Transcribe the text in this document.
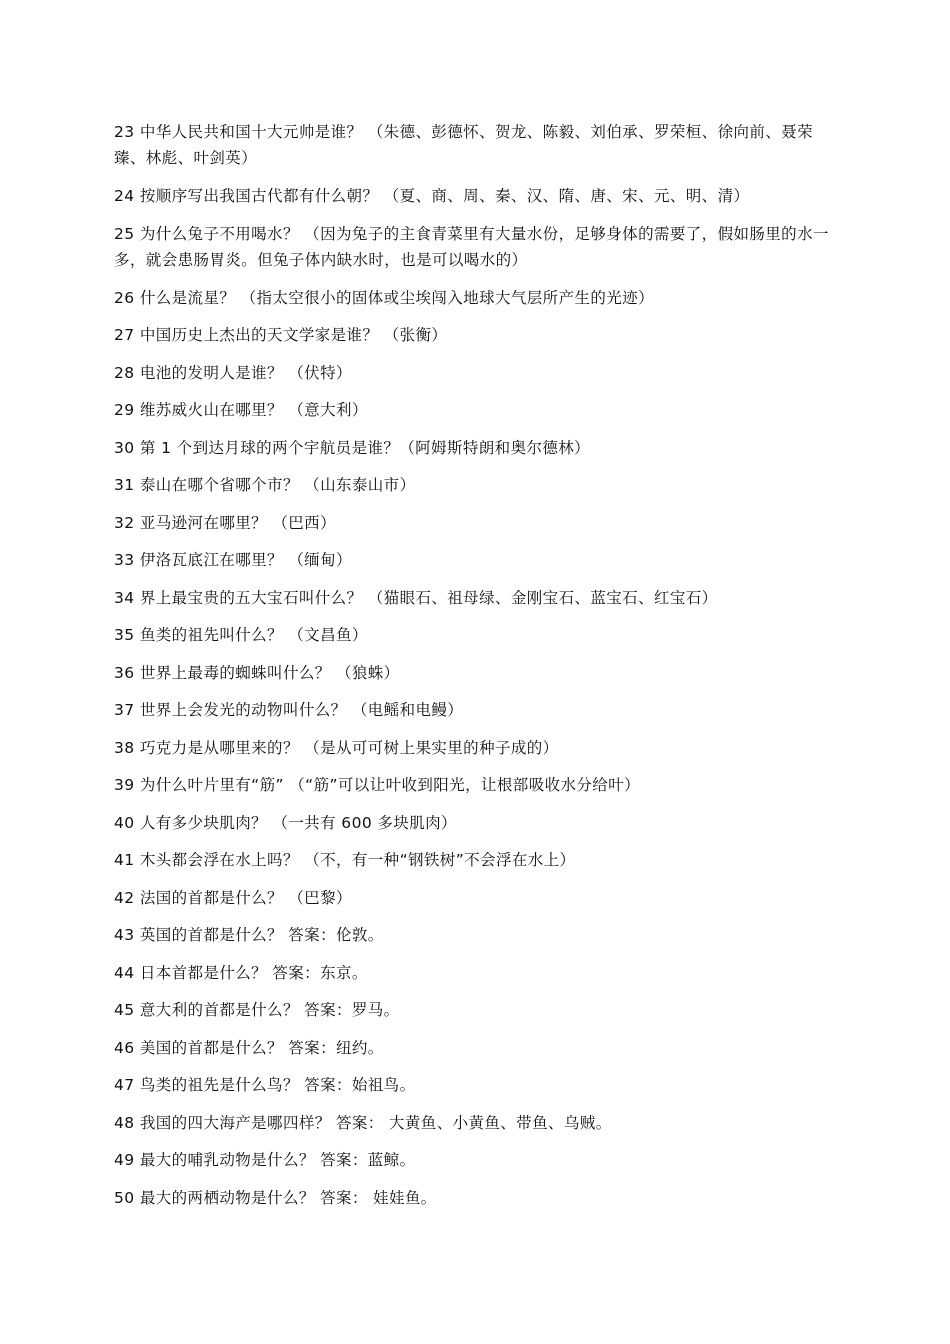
23 中华人民共和国十大元帅是谁？ （朱德、彭德怀、贺龙、陈毅、刘伯承、罗荣桓、徐向前、聂荣臻、林彪、叶剑英）

24 按顺序写出我国古代都有什么朝？ （夏、商、周、秦、汉、隋、唐、宋、元、明、清）

25 为什么兔子不用喝水？ （因为兔子的主食青菜里有大量水份，足够身体的需要了，假如肠里的水一多，就会患肠胃炎。但兔子体内缺水时，也是可以喝水的）

26 什么是流星？ （指太空很小的固体或尘埃闯入地球大气层所产生的光迹）

27 中国历史上杰出的天文学家是谁？ （张衡）

28 电池的发明人是谁？ （伏特）

29 维苏威火山在哪里？ （意大利）

30 第 1 个到达月球的两个宇航员是谁？（阿姆斯特朗和奥尔德林）

31 泰山在哪个省哪个市？ （山东泰山市）

32 亚马逊河在哪里？ （巴西）

33 伊洛瓦底江在哪里？ （缅甸）

34 界上最宝贵的五大宝石叫什么？ （猫眼石、祖母绿、金刚宝石、蓝宝石、红宝石）

35 鱼类的祖先叫什么？ （文昌鱼）

36 世界上最毒的蜘蛛叫什么？ （狼蛛）

37 世界上会发光的动物叫什么？ （电鳐和电鳗）

38 巧克力是从哪里来的？ （是从可可树上果实里的种子成的）

39 为什么叶片里有“筋” （“筋”可以让叶收到阳光，让根部吸收水分给叶）

40 人有多少块肌肉？ （一共有 600 多块肌肉）

41 木头都会浮在水上吗？ （不，有一种“钢铁树”不会浮在水上）

42 法国的首都是什么？ （巴黎）

43 英国的首都是什么？ 答案：伦敦。

44 日本首都是什么？ 答案：东京。

45 意大利的首都是什么？ 答案：罗马。

46 美国的首都是什么？ 答案：纽约。

47 鸟类的祖先是什么鸟？ 答案：始祖鸟。

48 我国的四大海产是哪四样？ 答案： 大黄鱼、小黄鱼、带鱼、乌贼。

49 最大的哺乳动物是什么？ 答案：蓝鲸。

50 最大的两栖动物是什么？ 答案： 娃娃鱼。
